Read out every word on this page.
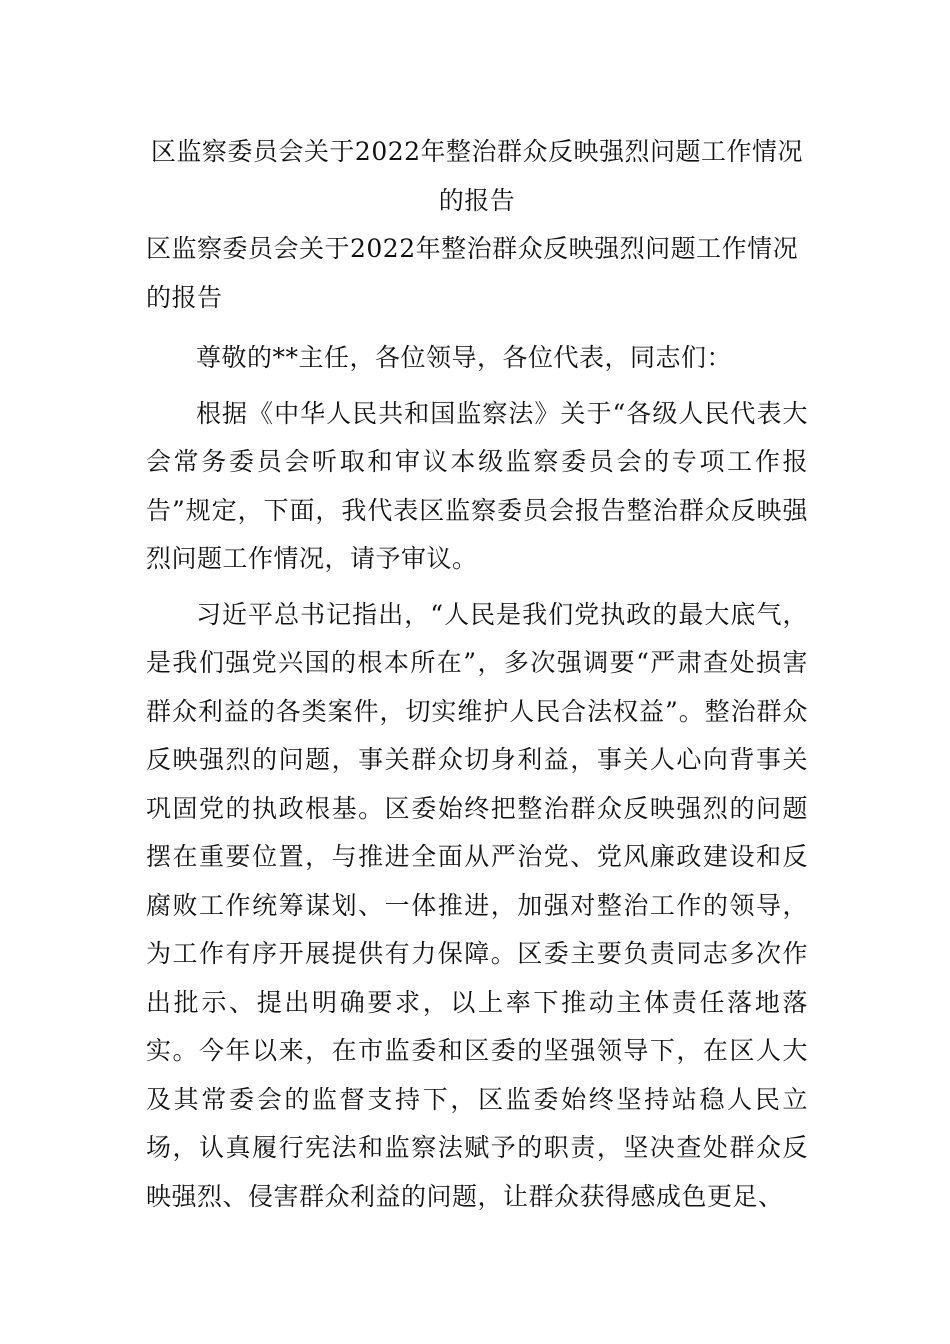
区监察委员会关于2022年整治群众反映强烈问题工作情况的报告

区监察委员会关于2022年整治群众反映强烈问题工作情况的报告

尊敬的**主任，各位领导，各位代表，同志们：

根据《中华人民共和国监察法》关于“各级人民代表大会常务委员会听取和审议本级监察委员会的专项工作报告”规定，下面，我代表区监察委员会报告整治群众反映强烈问题工作情况，请予审议。

习近平总书记指出，“人民是我们党执政的最大底气，是我们强党兴国的根本所在”，多次强调要“严肃查处损害群众利益的各类案件，切实维护人民合法权益”。整治群众反映强烈的问题，事关群众切身利益，事关人心向背事关巩固党的执政根基。区委始终把整治群众反映强烈的问题摆在重要位置，与推进全面从严治党、党风廉政建设和反腐败工作统筹谋划、一体推进，加强对整治工作的领导，为工作有序开展提供有力保障。区委主要负责同志多次作出批示、提出明确要求，以上率下推动主体责任落地落实。今年以来，在市监委和区委的坚强领导下，在区人大及其常委会的监督支持下，区监委始终坚持站稳人民立场，认真履行宪法和监察法赋予的职责，坚决查处群众反映强烈、侵害群众利益的问题，让群众获得感成色更足、
